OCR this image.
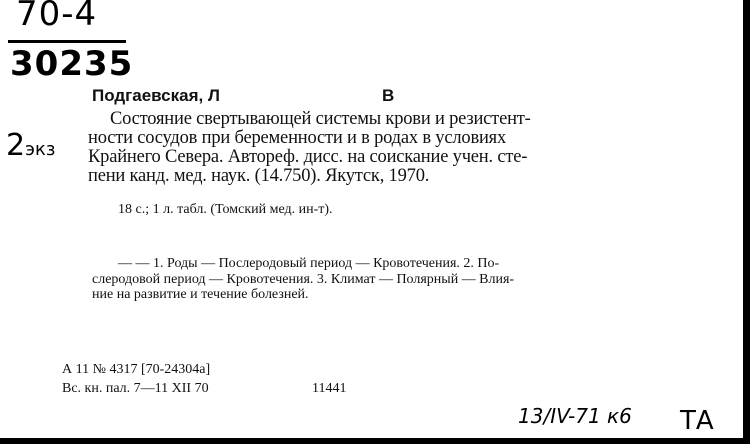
70-4
30235
2экз
Подгаевская, Л	В
Состояние свертывающей системы крови и резистент-
ности сосудов при беременности и в родах в условиях
Крайнего Севера. Автореф. дисс. на соискание учен. сте-
пени канд. мед. наук. (14.750). Якутск, 1970.
18 с.; 1 л. табл. (Томский мед. ин-т).
— — 1. Роды — Послеродовый период — Кровотечения. 2. По-
слеродовой период — Кровотечения. 3. Климат — Полярный — Влия-
ние на развитие и течение болезней.
А 11 № 4317 [70-24304а]
Вс. кн. пал. 7—11 XII 70	11441
13/ІV-71 к6 ТА
